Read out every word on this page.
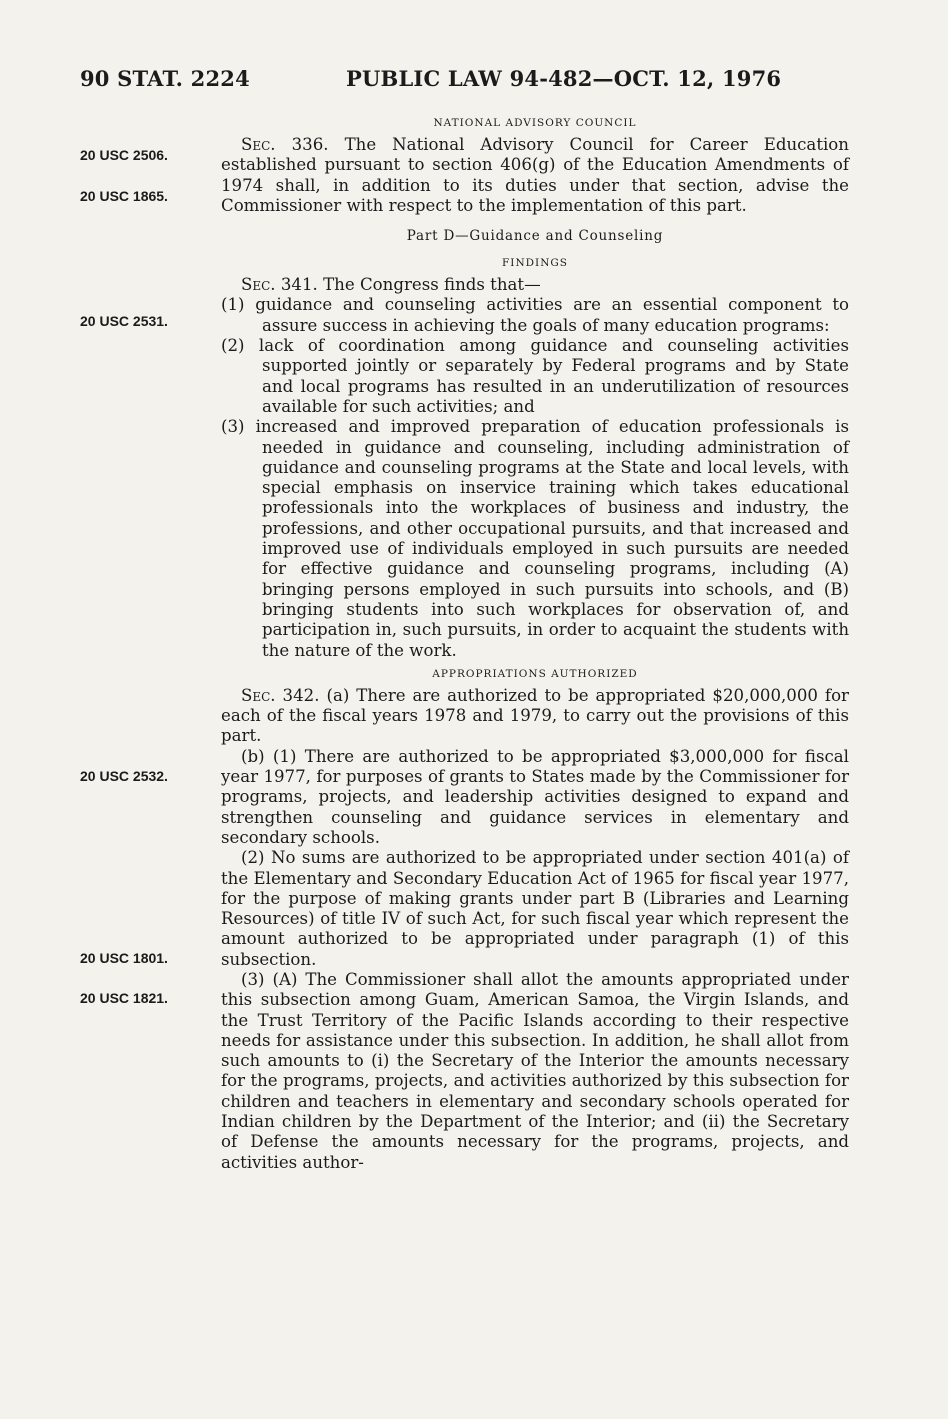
90 STAT. 2224	PUBLIC LAW 94-482—OCT. 12, 1976
20 USC 2506.
20 USC 1865.
20 USC 2531.
20 USC 2532.
20 USC 1801.
20 USC 1821.
NATIONAL ADVISORY COUNCIL

Sec. 336. The National Advisory Council for Career Education established pursuant to section 406(g) of the Education Amendments of 1974 shall, in addition to its duties under that section, advise the Commissioner with respect to the implementation of this part.

Part D—Guidance and Counseling
FINDINGS

Sec. 341. The Congress finds that—

(1) guidance and counseling activities are an essential component to assure success in achieving the goals of many education programs:

(2) lack of coordination among guidance and counseling activities supported jointly or separately by Federal programs and by State and local programs has resulted in an underutilization of resources available for such activities; and

(3) increased and improved preparation of education professionals is needed in guidance and counseling, including administration of guidance and counseling programs at the State and local levels, with special emphasis on inservice training which takes educational professionals into the workplaces of business and industry, the professions, and other occupational pursuits, and that increased and improved use of individuals employed in such pursuits are needed for effective guidance and counseling programs, including (A) bringing persons employed in such pursuits into schools, and (B) bringing students into such workplaces for observation of, and participation in, such pursuits, in order to acquaint the students with the nature of the work.

APPROPRIATIONS AUTHORIZED

Sec. 342. (a) There are authorized to be appropriated $20,000,000 for each of the fiscal years 1978 and 1979, to carry out the provisions of this part.

(b) (1) There are authorized to be appropriated $3,000,000 for fiscal year 1977, for purposes of grants to States made by the Commissioner for programs, projects, and leadership activities designed to expand and strengthen counseling and guidance services in elementary and secondary schools.

(2) No sums are authorized to be appropriated under section 401(a) of the Elementary and Secondary Education Act of 1965 for fiscal year 1977, for the purpose of making grants under part B (Libraries and Learning Resources) of title IV of such Act, for such fiscal year which represent the amount authorized to be appropriated under paragraph (1) of this subsection.

(3) (A) The Commissioner shall allot the amounts appropriated under this subsection among Guam, American Samoa, the Virgin Islands, and the Trust Territory of the Pacific Islands according to their respective needs for assistance under this subsection. In addition, he shall allot from such amounts to (i) the Secretary of the Interior the amounts necessary for the programs, projects, and activities authorized by this subsection for children and teachers in elementary and secondary schools operated for Indian children by the Department of the Interior; and (ii) the Secretary of Defense the amounts necessary for the programs, projects, and activities author-
